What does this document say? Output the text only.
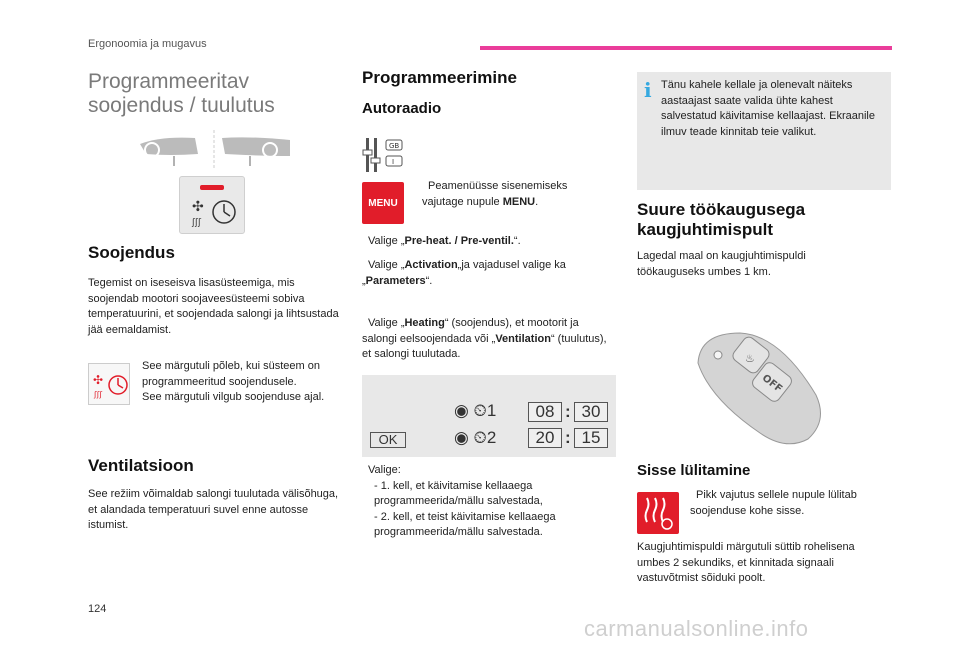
Ergonoomia ja mugavus
Programmeeritav
soojendus / tuulutus
✣
ʃʃʃ
Soojendus
Tegemist on iseseisva lisasüsteemiga, mis soojendab mootori soojaveesüsteemi sobiva temperatuurini, et soojendada salongi ja lihtsustada jää eemaldamist.
✣
ʃʃʃ
See märgutuli põleb, kui süsteem on programmeeritud soojendusele.
See märgutuli vilgub soojenduse ajal.
Ventilatsioon
See režiim võimaldab salongi tuulutada välisõhuga, et alandada temperatuuri suvel enne autosse istumist.
Programmeerimine
Autoraadio
GB
I
MENU
Peamenüüsse sisenemiseks vajutage nupule MENU.
Valige „Pre-heat. / Pre-ventil.“.
Valige „Activation„ja vajadusel valige ka „Parameters“.
Valige „Heating“ (soojendus), et mootorit ja salongi eelsoojendada või „Ventilation“ (tuulutus), et salongi tuulutada.
OK
◉ ⏲1	08 : 30
◉ ⏲2	20 : 15
Valige:
- 1. kell, et käivitamise kellaaega programmeerida/mällu salvestada,
- 2. kell, et teist käivitamise kellaaega programmeerida/mällu salvestada.
i Tänu kahele kellale ja olenevalt näiteks aastaajast saate valida ühte kahest salvestatud käivitamise kellaajast. Ekraanile ilmuv teade kinnitab teie valikut.
Suure töökaugusega
kaugjuhtimispult
Lagedal maal on kaugjuhtimispuldi töökauguseks umbes 1 km.
♨
OFF
Sisse lülitamine
Pikk vajutus sellele nupule lülitab soojenduse kohe sisse.
Kaugjuhtimispuldi märgutuli süttib rohelisena umbes 2 sekundiks, et kinnitada signaali vastuvõtmist sõiduki poolt.
124
carmanualsonline.info
